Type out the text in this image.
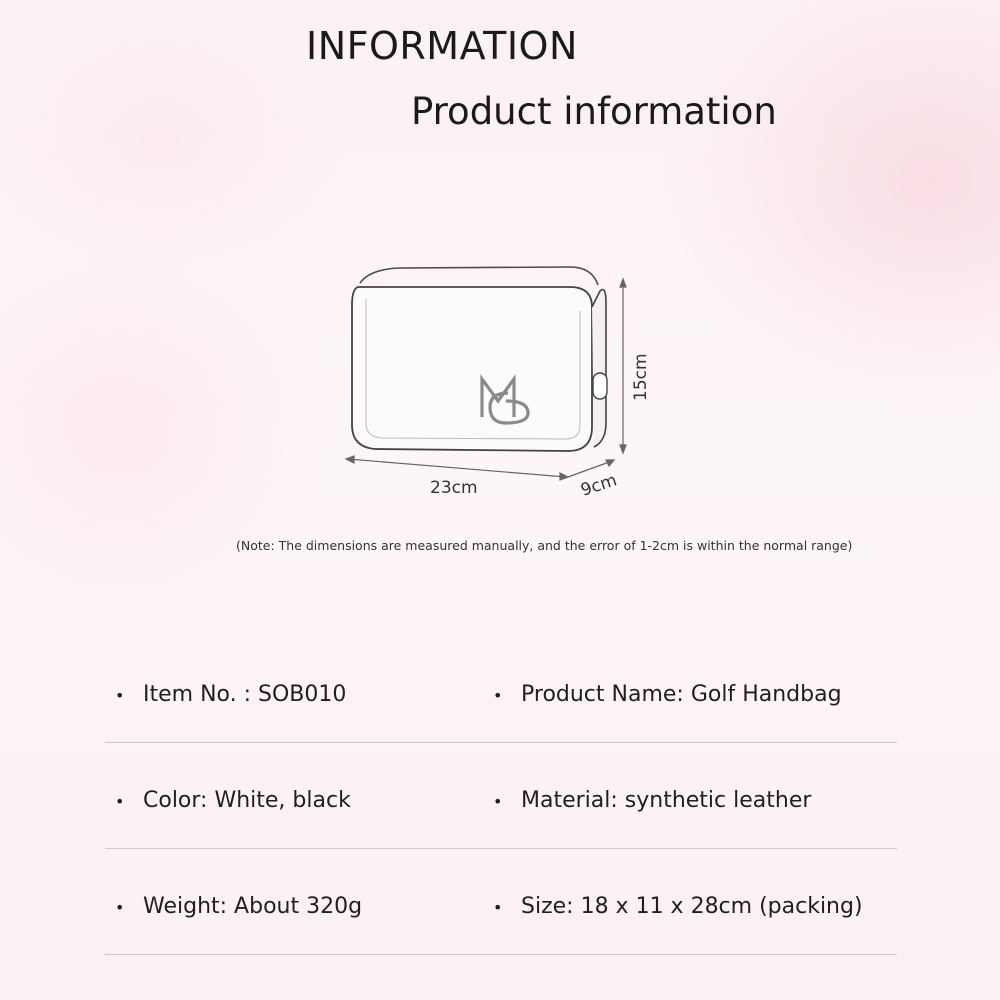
INFORMATION
Product information
15cm
23cm	9cm

(Note: The dimensions are measured manually, and the error of 1-2cm is within the normal range)

• Item No. : SOB010	• Product Name: Golf Handbag
• Color: White, black	• Material: synthetic leather
• Weight: About 320g	• Size: 18 x 11 x 28cm (packing)
